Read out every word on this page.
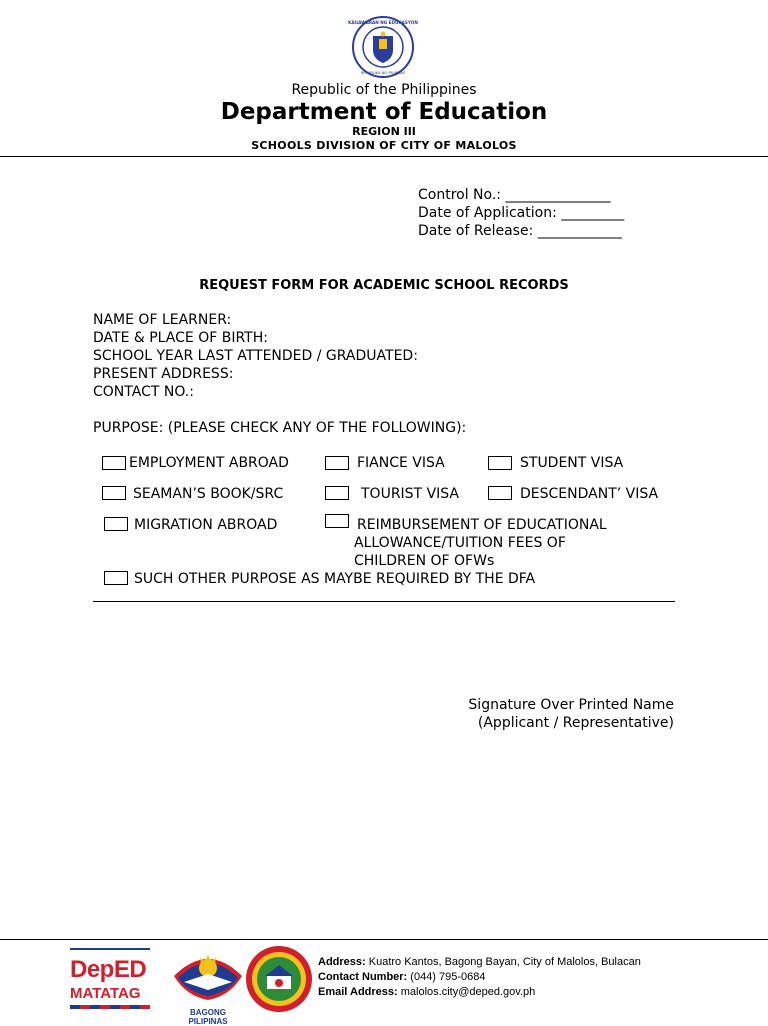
KAGAWARAN NG EDUKASYON
REPUBLIKA NG PILIPINAS
Republic of the Philippines
Department of Education
REGION III
SCHOOLS DIVISION OF CITY OF MALOLOS
Control No.: _______________
Date of Application: _________
Date of Release: ____________
REQUEST FORM FOR ACADEMIC SCHOOL RECORDS
NAME OF LEARNER:
DATE & PLACE OF BIRTH:
SCHOOL YEAR LAST ATTENDED / GRADUATED:
PRESENT ADDRESS:
CONTACT NO.:
PURPOSE: (PLEASE CHECK ANY OF THE FOLLOWING):
EMPLOYMENT ABROAD	FIANCE VISA	STUDENT VISA
SEAMAN’S BOOK/SRC	TOURIST VISA	DESCENDANT’ VISA
MIGRATION ABROAD	REIMBURSEMENT OF EDUCATIONAL
ALLOWANCE/TUITION FEES OF
CHILDREN OF OFWs
SUCH OTHER PURPOSE AS MAYBE REQUIRED BY THE DFA
Signature Over Printed Name
(Applicant / Representative)
DepED
MATATAG
BAGONG PILIPINAS
Address: Kuatro Kantos, Bagong Bayan, City of Malolos, Bulacan
Contact Number: (044) 795-0684
Email Address: malolos.city@deped.gov.ph
